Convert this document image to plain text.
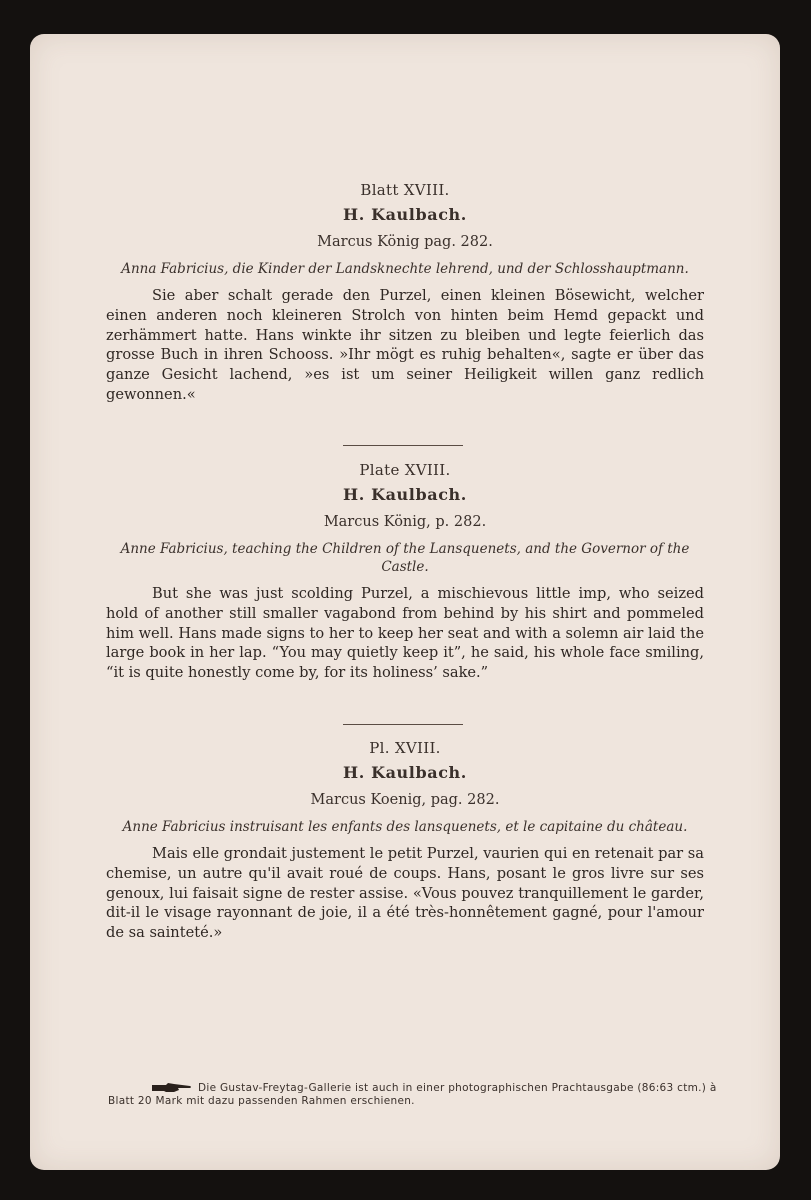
Blatt XVIII.
H. Kaulbach.
Marcus König pag. 282.
Anna Fabricius, die Kinder der Landsknechte lehrend, und der Schlosshauptmann.

Sie aber schalt gerade den Purzel, einen kleinen Bösewicht, welcher einen anderen noch kleineren Strolch von hinten beim Hemd gepackt und zerhämmert hatte. Hans winkte ihr sitzen zu bleiben und legte feierlich das grosse Buch in ihren Schooss. »Ihr mögt es ruhig behalten«, sagte er über das ganze Gesicht lachend, »es ist um seiner Heiligkeit willen ganz redlich gewonnen.«

Plate XVIII.
H. Kaulbach.
Marcus König, p. 282.
Anne Fabricius, teaching the Children of the Lansquenets, and the Governor of the Castle.

But she was just scolding Purzel, a mischievous little imp, who seized hold of another still smaller vagabond from behind by his shirt and pommeled him well. Hans made signs to her to keep her seat and with a solemn air laid the large book in her lap. “You may quietly keep it”, he said, his whole face smiling, “it is quite honestly come by, for its holiness’ sake.”

Pl. XVIII.
H. Kaulbach.
Marcus Koenig, pag. 282.
Anne Fabricius instruisant les enfants des lansquenets, et le capitaine du château.

Mais elle grondait justement le petit Purzel, vaurien qui en retenait par sa chemise, un autre qu'il avait roué de coups. Hans, posant le gros livre sur ses genoux, lui faisait signe de rester assise. «Vous pouvez tranquillement le garder, dit-il le visage rayonnant de joie, il a été très-honnêtement gagné, pour l'amour de sa sainteté.»

Die Gustav-Freytag-Gallerie ist auch in einer photographischen Prachtausgabe (86:63 ctm.) à Blatt 20 Mark mit dazu passenden Rahmen erschienen.
